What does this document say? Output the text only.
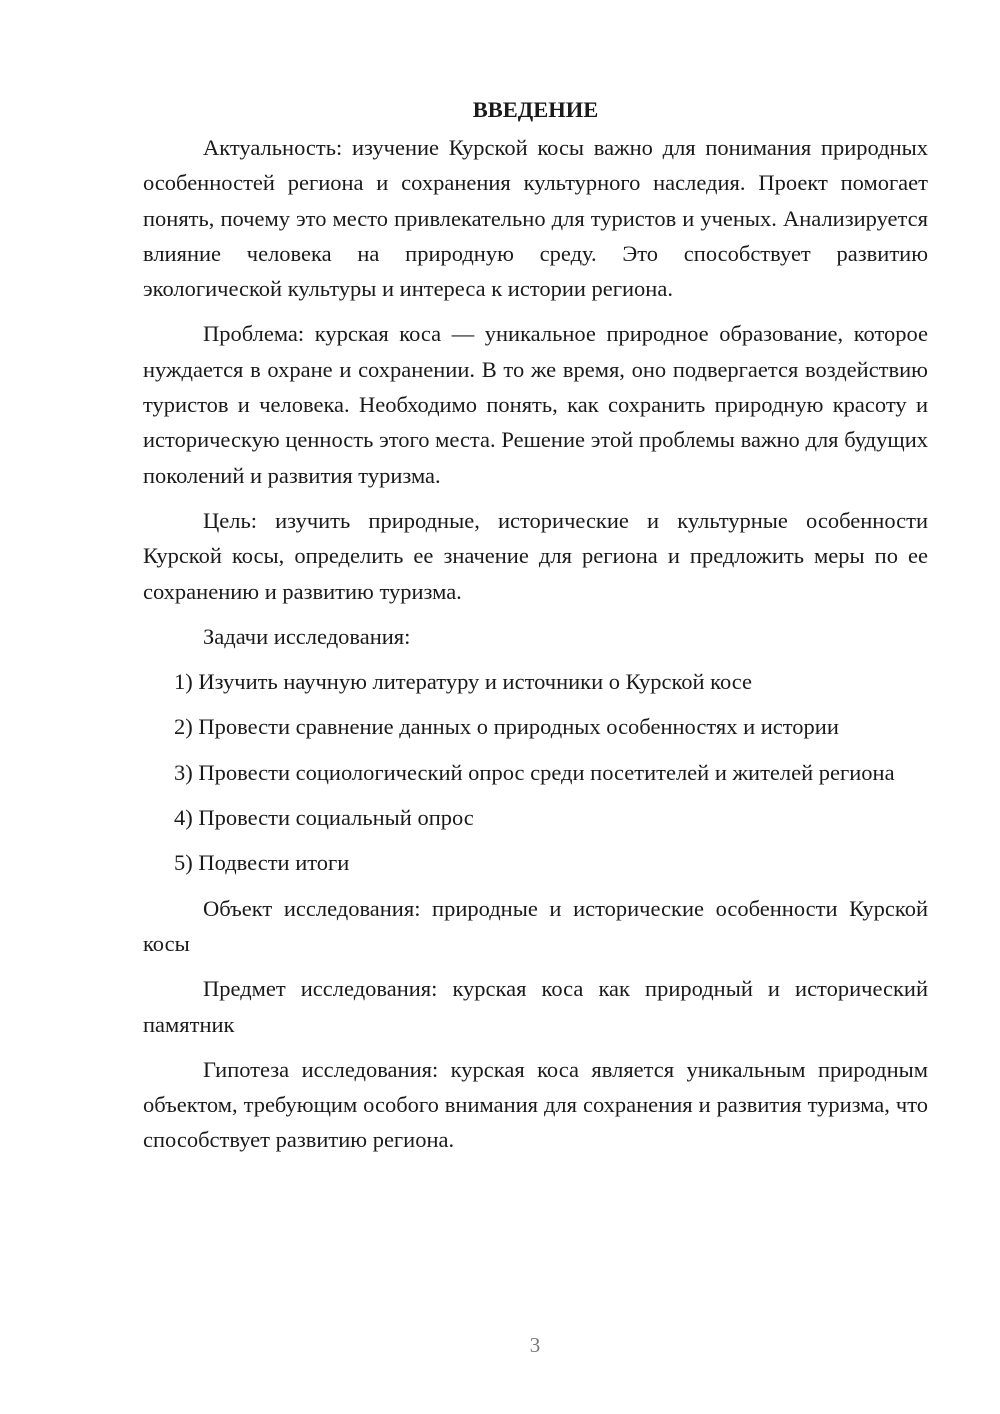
ВВЕДЕНИЕ

Актуальность: изучение Курской косы важно для понимания природных особенностей региона и сохранения культурного наследия. Проект помогает понять, почему это место привлекательно для туристов и ученых. Анализируется влияние человека на природную среду. Это способствует развитию экологической культуры и интереса к истории региона.

Проблема: курская коса — уникальное природное образование, которое нуждается в охране и сохранении. В то же время, оно подвергается воздействию туристов и человека. Необходимо понять, как сохранить природную красоту и историческую ценность этого места. Решение этой проблемы важно для будущих поколений и развития туризма.

Цель: изучить природные, исторические и культурные особенности Курской косы, определить ее значение для региона и предложить меры по ее сохранению и развитию туризма.

Задачи исследования:

1) Изучить научную литературу и источники о Курской косе

2) Провести сравнение данных о природных особенностях и истории

3) Провести социологический опрос среди посетителей и жителей региона

4) Провести социальный опрос

5) Подвести итоги

Объект исследования: природные и исторические особенности Курской косы

Предмет исследования: курская коса как природный и исторический памятник

Гипотеза исследования: курская коса является уникальным природным объектом, требующим особого внимания для сохранения и развития туризма, что способствует развитию региона.

3
